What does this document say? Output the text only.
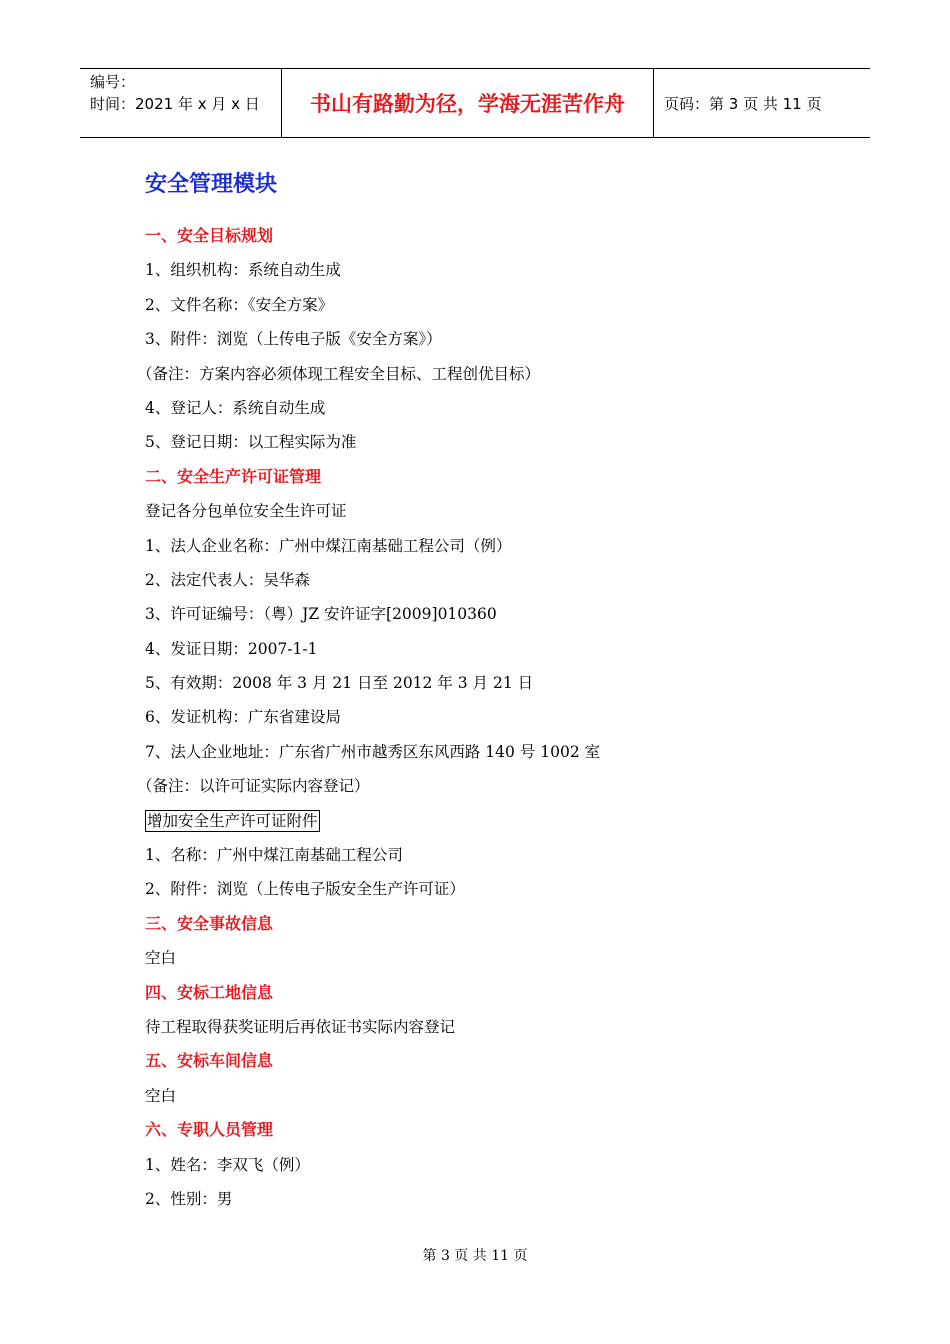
编号：
时间：2021 年 x 月 x 日	书山有路勤为径，学海无涯苦作舟	页码：第 3 页 共 11 页
安全管理模块
一、安全目标规划
1、组织机构：系统自动生成
2、文件名称：《安全方案》
3、附件：浏览（上传电子版《安全方案》）
（备注：方案内容必须体现工程安全目标、工程创优目标）
4、登记人：系统自动生成
5、登记日期：以工程实际为准
二、安全生产许可证管理
登记各分包单位安全生许可证
1、法人企业名称：广州中煤江南基础工程公司（例）
2、法定代表人：吴华森
3、许可证编号：（粤）JZ 安许证字[2009]010360
4、发证日期：2007-1-1
5、有效期：2008 年 3 月 21 日至 2012 年 3 月 21 日
6、发证机构：广东省建设局
7、法人企业地址：广东省广州市越秀区东风西路 140 号 1002 室
（备注：以许可证实际内容登记）
增加安全生产许可证附件
1、名称：广州中煤江南基础工程公司
2、附件：浏览（上传电子版安全生产许可证）
三、安全事故信息
空白
四、安标工地信息
待工程取得获奖证明后再依证书实际内容登记
五、安标车间信息
空白
六、专职人员管理
1、姓名：李双飞（例）
2、性别：男
第 3 页 共 11 页
